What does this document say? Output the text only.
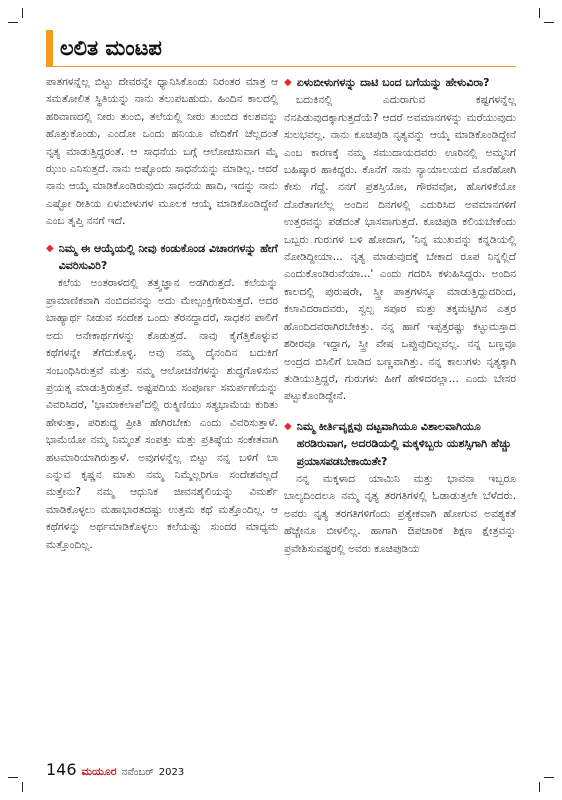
ಲಲಿತ ಮಂಟಪ

ಪಾತಗಳನ್ನೆಲ್ಲ ಬಿಟ್ಟು ದೇವರನ್ನೇ ಧ್ಯಾನಿಸಿಕೊಂಡು ನಿರಂತರ ಮಾತ್ರ ಆ ಸಮತೋಲಿತ ಸ್ಥಿತಿಯನ್ನು ನಾನು ತಲುಪಬಹುದು. ಹಿಂದಿನ ಕಾಲದಲ್ಲಿ ಹರಿವಾಣದಲ್ಲಿ ನೀರು ತುಂಬಿ, ತಲೆಯಲ್ಲಿ ನೀರು ತುಂಬಿದ ಕಲಶವನ್ನು ಹೊತ್ತುಕೊಂಡು, ಎಂದೋ ಒಂದು ಹನಿಯೂ ವೇದಿಕೆಗೆ ಚೆಲ್ಲದಂತೆ ನೃತ್ಯ ಮಾಡುತ್ತಿದ್ದರಂತೆ. ಆ ಸಾಧನೆಯ ಬಗ್ಗೆ ಆಲೋಚಿಸುವಾಗ ಮೈ ಝುಂ ಎನಿಸುತ್ತದೆ. ನಾನು ಅಷ್ಟೊಂದು ಸಾಧನೆಯನ್ನು ಮಾಡಿಲ್ಲ. ಆದರೆ ನಾನು ಆಯ್ಕೆ ಮಾಡಿಕೊಂಡಿರುವುದು ಸಾಧನೆಯ ಹಾದಿ, ಇದನ್ನು ನಾನು ಎಷ್ಟೋ ರೀತಿಯ ಏಳುಬೀಳುಗಳ ಮೂಲಕ ಆಯ್ಕೆ ಮಾಡಿಕೊಂಡಿದ್ದೇನೆ ಎಂಬ ತೃಪ್ತಿ ನನಗೆ ಇದೆ.

◆ ನಿಮ್ಮ ಈ ಆಯ್ಕೆಯಲ್ಲಿ ನೀವು ಕಂಡುಕೊಂಡ ವಿಚಾರಗಳನ್ನು ಹೇಗೆ ವಿವರಿಸುವಿರಿ?

ಕಲೆಯ ಅಂತರಾಳದಲ್ಲಿ ತತ್ತ್ವಜ್ಞಾನ ಅಡಗಿರುತ್ತದೆ. ಕಲೆಯನ್ನು ಪ್ರಾಮಾಣಿಕವಾಗಿ ನಂಬಿದವನನ್ನು ಅದು ಮೇಲ್ಪಂಕ್ತಿಗೇರಿಸುತ್ತದೆ. ಅದರ ಬಾಹ್ಯಾರ್ಥ ನೀಡುವ ಸಂದೇಶ ಒಂದು ತೆರನದ್ದಾದರೆ, ಸಾಧಕನ ಪಾಲಿಗೆ ಅದು ಅನೇಕಾರ್ಥಗಳನ್ನು ಕೊಡುತ್ತದೆ. ನಾವು ಕೈಗೆತ್ತಿಕೊಳ್ಳುವ ಕಥೆಗಳನ್ನೇ ತೆಗೆದುಕೊಳ್ಳಿ. ಅವು ನಮ್ಮ ದೈನಂದಿನ ಬದುಕಿಗೆ ಸಂಬಂಧಿಸಿರುತ್ತವೆ ಮತ್ತು ನಮ್ಮ ಆಲೋಚನೆಗಳನ್ನು ಶುದ್ಧಗೊಳಿಸುವ ಪ್ರಯತ್ನ ಮಾಡುತ್ತಿರುತ್ತವೆ. ಅಷ್ಟಪದಿಯ ಸಂಪೂರ್ಣ ಸಮರ್ಪಣೆಯನ್ನು ವಿವರಿಸಿದರೆ, 'ಭಾಮಾಕಲಾಪ'ದಲ್ಲಿ ರುಕ್ಮಿಣಿಯು ಸತ್ಯಭಾಮೆಯ ಕುರಿತು ಹೇಳುತ್ತಾ, ಪರಿಶುದ್ಧ ಪ್ರೀತಿ ಹೇಗಿರಬೇಕು ಎಂದು ವಿವರಿಸುತ್ತಾಳೆ. ಭಾಮೆಯೋ ನಮ್ಮ ನಿಮ್ಮಂತೆ ಸಂಪತ್ತು ಮತ್ತು ಪ್ರತಿಷ್ಠೆಯ ಸಂಕೇತವಾಗಿ ಹಟಮಾರಿಯಾಗಿರುತ್ತಾಳೆ. ಅವುಗಳನ್ನೆಲ್ಲ ಬಿಟ್ಟು ನನ್ನ ಬಳಿಗೆ ಬಾ ಎನ್ನುವ ಕೃಷ್ಣನ ಮಾತು ನಮ್ಮ ನಿಮ್ಮೆಲ್ಲರಿಗೂ ಸಂದೇಶವಲ್ಲದೆ ಮತ್ತೇನು? ನಮ್ಮ ಆಧುನಿಕ ಜೀವನಶೈಲಿಯನ್ನು ವಿಮರ್ಶೆ ಮಾಡಿಕೊಳ್ಳಲು ಮಹಾಭಾರತದಷ್ಟು ಉತ್ತಮ ಕಥೆ ಮತ್ತೊಂದಿಲ್ಲ. ಆ ಕಥೆಗಳನ್ನು ಅರ್ಥಮಾಡಿಕೊಳ್ಳಲು ಕಲೆಯಷ್ಟು ಸುಂದರ ಮಾಧ್ಯಮ ಮತ್ತೊಂದಿಲ್ಲ.

◆ ಏಳುಬೀಳುಗಳನ್ನು ದಾಟಿ ಬಂದ ಬಗೆಯನ್ನು ಹೇಳುವಿರಾ?

ಬದುಕಿನಲ್ಲಿ ಎದುರಾಗುವ ಕಷ್ಟಗಳನ್ನೆಲ್ಲ ನೆನಪಿಡುವುದಕ್ಕಾಗುತ್ತದೆಯೆ? ಆದರೆ ಅವಮಾನಗಳನ್ನು ಮರೆಯುವುದು ಸುಲಭವಲ್ಲ. ನಾನು ಕೂಚಿಪುಡಿ ನೃತ್ಯವನ್ನು ಆಯ್ಕೆ ಮಾಡಿಕೊಂಡಿದ್ದೇನೆ ಎಂಬ ಕಾರಣಕ್ಕೆ ನಮ್ಮ ಸಮುದಾಯದವರು ಊರಿನಲ್ಲಿ ಅಮ್ಮನಿಗೆ ಬಹಿಷ್ಕಾರ ಹಾಕಿದ್ದರು. ಕೊನೆಗೆ ನಾನು ನ್ಯಾಯಾಲಯದ ಮೊರೆಹೋಗಿ ಕೇಸು ಗೆದ್ದೆ. ನನಗೆ ಪ್ರಶಸ್ತಿಯೋ, ಗೌರವವೋ, ಹೊಗಳಿಕೆಯೋ ದೊರೆತಾಗಲೆಲ್ಲ ಅಂದಿನ ದಿನಗಳಲ್ಲಿ ಎದುರಿಸಿದ ಅವಮಾನಗಳಿಗೆ ಉತ್ತರವನ್ನು ಪಡೆದಂತೆ ಭಾಸವಾಗುತ್ತದೆ. ಕೂಚಿಪುಡಿ ಕಲಿಯಬೇಕೆಂದು ಒಬ್ಬರು ಗುರುಗಳ ಬಳಿ ಹೋದಾಗ, 'ನಿನ್ನ ಮುಖವನ್ನು ಕನ್ನಡಿಯಲ್ಲಿ ನೋಡಿದ್ದೀಯಾ... ನೃತ್ಯ ಮಾಡುವುದಕ್ಕೆ ಬೇಕಾದ ರೂಪ ನಿನ್ನಲ್ಲಿದೆ ಎಂದುಕೊಂಡಿರುವೆಯಾ...' ಎಂದು ಗದರಿಸಿ ಕಳುಹಿಸಿದ್ದರು. ಅಂದಿನ ಕಾಲದಲ್ಲಿ ಪುರುಷರೇ, ಸ್ತ್ರೀ ಪಾತ್ರಗಳನ್ನೂ ಮಾಡುತ್ತಿದ್ದುದರಿಂದ, ಕಲಾವಿದರಾದವರು, ಸ್ವಲ್ಪ ಸಪೂರ ಮತ್ತು ತಕ್ಕಮಟ್ಟಿಗಿನ ಎತ್ತರ ಹೊಂದಿದವರಾಗಿರಬೇಕಿತ್ತು. ನನ್ನ ಹಾಗೆ ಇಪ್ಪತ್ತರಷ್ಟು ಕಟ್ಟುಮಸ್ತಾದ ಶರೀರವೂ ಇದ್ದಾಗ, ಸ್ತ್ರೀ ವೇಷ ಒಪ್ಪುವುದಿಲ್ಲವಲ್ಲ. ನನ್ನ ಬಣ್ಣವೂ ಅಂದ್ರದ ಬಿಸಿಲಿಗೆ ಬಾಡಿದ ಬಣ್ಣವಾಗಿತ್ತು. ನನ್ನ ಕಾಲುಗಳು ನೃತ್ಯಕ್ಕಾಗಿ ತುಡಿಯುತ್ತಿದ್ದರೆ, ಗುರುಗಳು ಹೀಗೆ ಹೇಳಿದರಲ್ಲಾ... ಎಂದು ಬೇಸರ ಪಟ್ಟುಕೊಂಡಿದ್ದೇನೆ.

◆ ನಿಮ್ಮ ಕೀರ್ತಿವೃಕ್ಷವು ದಟ್ಟವಾಗಿಯೂ ವಿಶಾಲವಾಗಿಯೂ ಹರಡಿರುವಾಗ, ಅದರಡಿಯಲ್ಲಿ ಮಕ್ಕಳಿಬ್ಬರು ಯಶಸ್ಸಿಗಾಗಿ ಹೆಚ್ಚು ಪ್ರಯಾಸಪಡಬೇಕಾಯಿತೇ?

ನನ್ನ ಮಕ್ಕಳಾದ ಯಾಮಿನಿ ಮತ್ತು ಭಾವನಾ ಇಬ್ಬರೂ ಬಾಲ್ಯದಿಂದಲೂ ನಮ್ಮ ನೃತ್ಯ ತರಗತಿಗಳಲ್ಲಿ ಓಡಾಡುತ್ತಲೇ ಬೆಳೆದರು. ಅವರು ನೃತ್ಯ ತರಗತಿಗಳಿಗೆಂದು ಪ್ರತ್ಯೇಕವಾಗಿ ಹೋಗುವ ಅವಶ್ಯಕತೆ ಹೆಚ್ಚೇನೂ ಬೀಳಲಿಲ್ಲ. ಹಾಗಾಗಿ ಔಪಚಾರಿಕ ಶಿಕ್ಷಣ ಕ್ಷೇತ್ರವನ್ನು ಪ್ರವೇಶಿಸುವಷ್ಟರಲ್ಲಿ ಅವರು ಕೂಚಿಪುಡಿಯ

146 ಮಯೂರ ನವೆಂಬರ್ 2023
